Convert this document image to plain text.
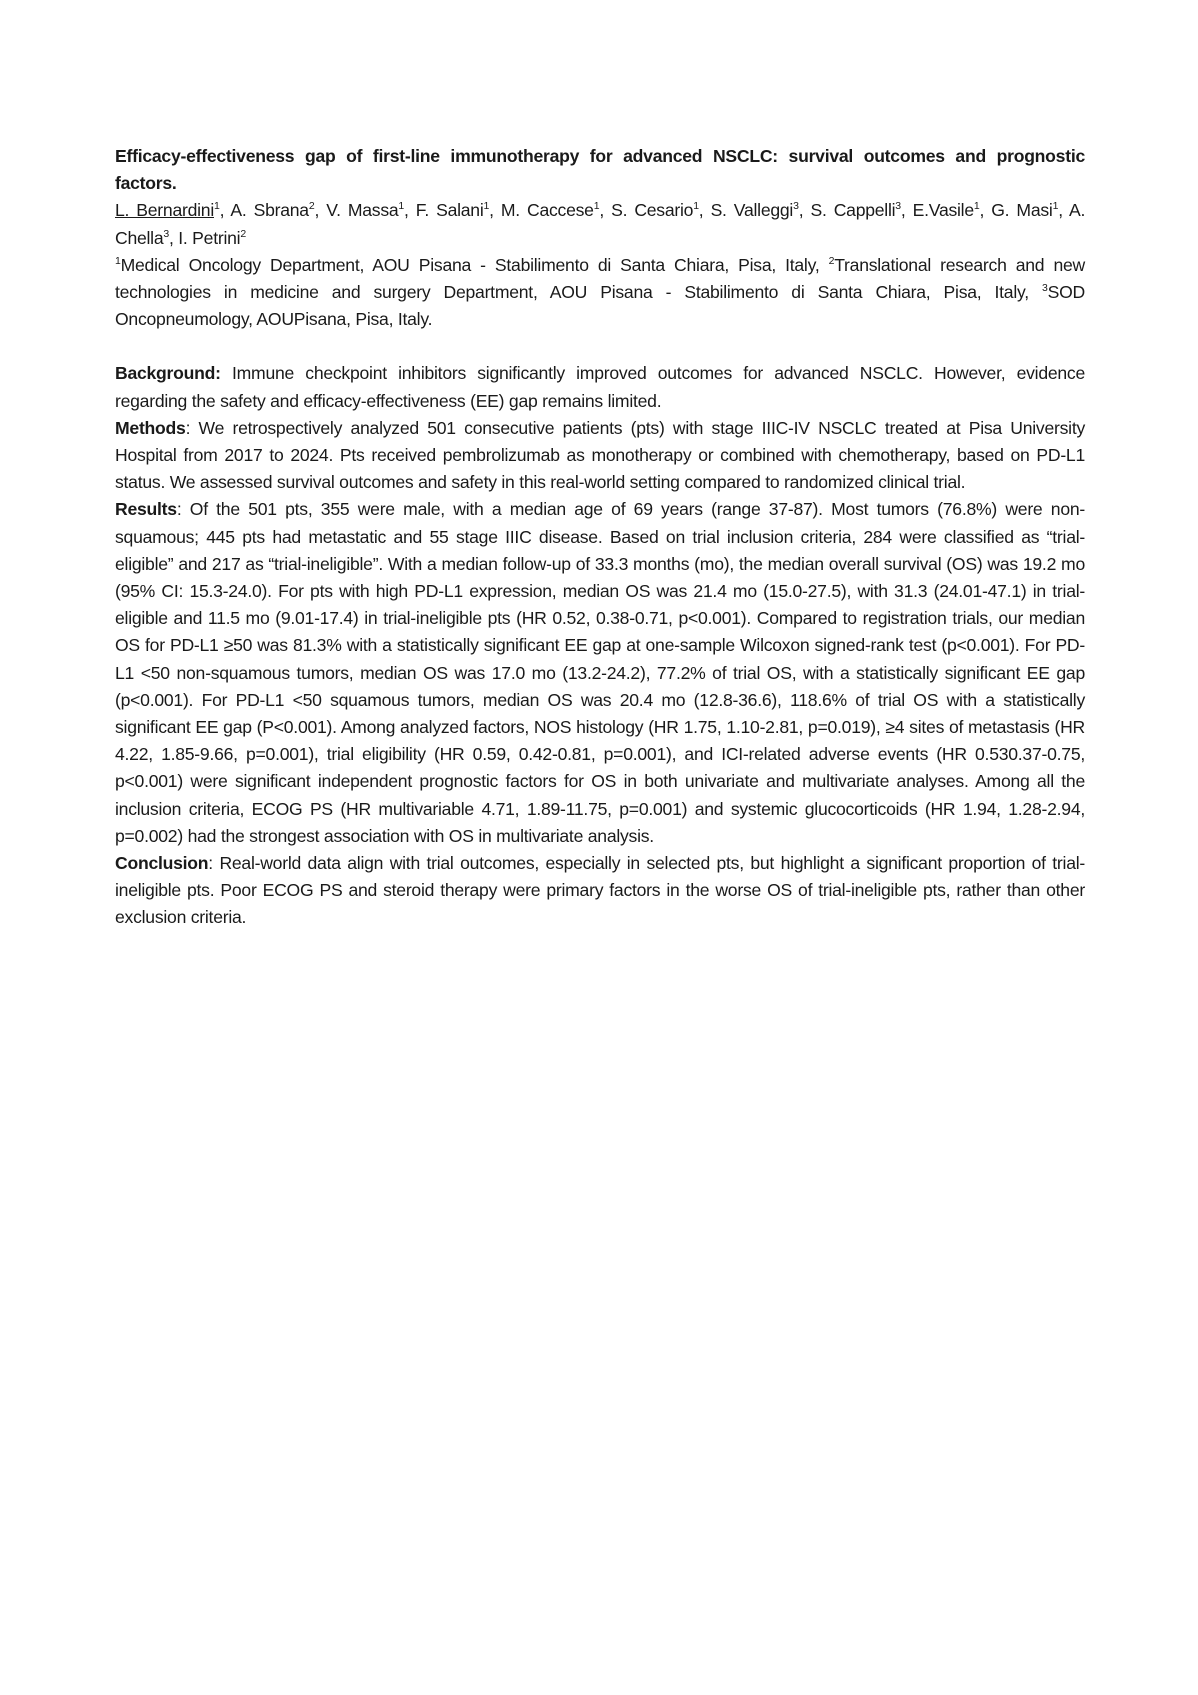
Efficacy-effectiveness gap of first-line immunotherapy for advanced NSCLC: survival outcomes and prognostic factors.
L. Bernardini$^1$, A. Sbrana$^2$, V. Massa$^1$, F. Salani$^1$, M. Caccese$^1$, S. Cesario$^1$, S. Valleggi$^3$, S. Cappelli$^3$, E.Vasile$^1$, G. Masi$^1$, A. Chella$^3$, I. Petrini$^2$
$^1$Medical Oncology Department, AOU Pisana - Stabilimento di Santa Chiara, Pisa, Italy, $^2$Translational research and new technologies in medicine and surgery Department, AOU Pisana - Stabilimento di Santa Chiara, Pisa, Italy, $^3$SOD Oncopneumology, AOUPisana, Pisa, Italy.
Background: Immune checkpoint inhibitors significantly improved outcomes for advanced NSCLC. However, evidence regarding the safety and efficacy-effectiveness (EE) gap remains limited.
Methods: We retrospectively analyzed 501 consecutive patients (pts) with stage IIIC-IV NSCLC treated at Pisa University Hospital from 2017 to 2024. Pts received pembrolizumab as monotherapy or combined with chemotherapy, based on PD-L1 status. We assessed survival outcomes and safety in this real-world setting compared to randomized clinical trial.
Results: Of the 501 pts, 355 were male, with a median age of 69 years (range 37-87). Most tumors (76.8%) were non-squamous; 445 pts had metastatic and 55 stage IIIC disease. Based on trial inclusion criteria, 284 were classified as “trial-eligible” and 217 as “trial-ineligible”. With a median follow-up of 33.3 months (mo), the median overall survival (OS) was 19.2 mo (95% CI: 15.3-24.0). For pts with high PD-L1 expression, median OS was 21.4 mo (15.0-27.5), with 31.3 (24.01-47.1) in trial-eligible and 11.5 mo (9.01-17.4) in trial-ineligible pts (HR 0.52, 0.38-0.71, p<0.001). Compared to registration trials, our median OS for PD-L1 ≥50 was 81.3% with a statistically significant EE gap at one-sample Wilcoxon signed-rank test (p<0.001). For PD-L1 <50 non-squamous tumors, median OS was 17.0 mo (13.2-24.2), 77.2% of trial OS, with a statistically significant EE gap (p<0.001). For PD-L1 <50 squamous tumors, median OS was 20.4 mo (12.8-36.6), 118.6% of trial OS with a statistically significant EE gap (P<0.001). Among analyzed factors, NOS histology (HR 1.75, 1.10-2.81, p=0.019), ≥4 sites of metastasis (HR 4.22, 1.85-9.66, p=0.001), trial eligibility (HR 0.59, 0.42-0.81, p=0.001), and ICI-related adverse events (HR 0.530.37-0.75, p<0.001) were significant independent prognostic factors for OS in both univariate and multivariate analyses. Among all the inclusion criteria, ECOG PS (HR multivariable 4.71, 1.89-11.75, p=0.001) and systemic glucocorticoids (HR 1.94, 1.28-2.94, p=0.002) had the strongest association with OS in multivariate analysis.
Conclusion: Real-world data align with trial outcomes, especially in selected pts, but highlight a significant proportion of trial-ineligible pts. Poor ECOG PS and steroid therapy were primary factors in the worse OS of trial-ineligible pts, rather than other exclusion criteria.
